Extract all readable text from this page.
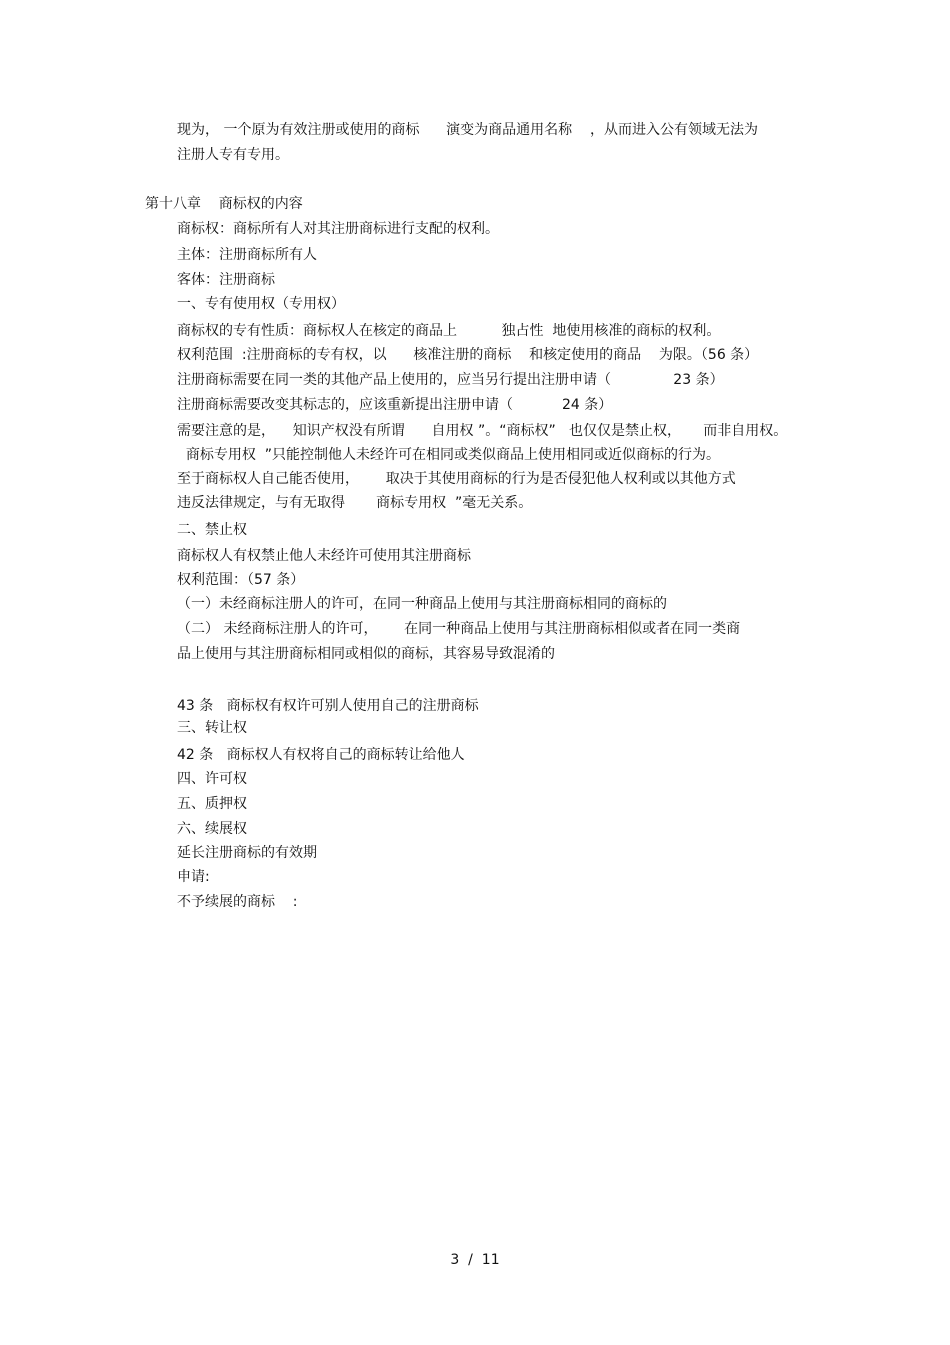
现为， 一个原为有效注册或使用的商标      演变为商品通用名称    ，从而进入公有领域无法为
注册人专有专用。
第十八章    商标权的内容
商标权：商标所有人对其注册商标进行支配的权利。
主体：注册商标所有人
客体：注册商标
一、专有使用权（专用权）
商标权的专有性质：商标权人在核定的商品上          独占性  地使用核准的商标的权利。
权利范围  :注册商标的专有权，以      核准注册的商标    和核定使用的商品    为限。（56 条）
注册商标需要在同一类的其他产品上使用的，应当另行提出注册申请（              23 条）
注册商标需要改变其标志的，应该重新提出注册申请（           24 条）
需要注意的是，    知识产权没有所谓      自用权 ”。“商标权”   也仅仅是禁止权，     而非自用权。
商标专用权  ”只能控制他人未经许可在相同或类似商品上使用相同或近似商标的行为。
至于商标权人自己能否使用，      取决于其使用商标的行为是否侵犯他人权利或以其他方式
违反法律规定，与有无取得       商标专用权  ”毫无关系。
二、禁止权
商标权人有权禁止他人未经许可使用其注册商标
权利范围：（57 条）
（一）未经商标注册人的许可，在同一种商品上使用与其注册商标相同的商标的
（二） 未经商标注册人的许可，      在同一种商品上使用与其注册商标相似或者在同一类商
品上使用与其注册商标相同或相似的商标，其容易导致混淆的
43 条   商标权有权许可别人使用自己的注册商标
三、转让权
42 条   商标权人有权将自己的商标转让给他人
四、许可权
五、质押权
六、续展权
延长注册商标的有效期
申请:
不予续展的商标    :
3  /  11
